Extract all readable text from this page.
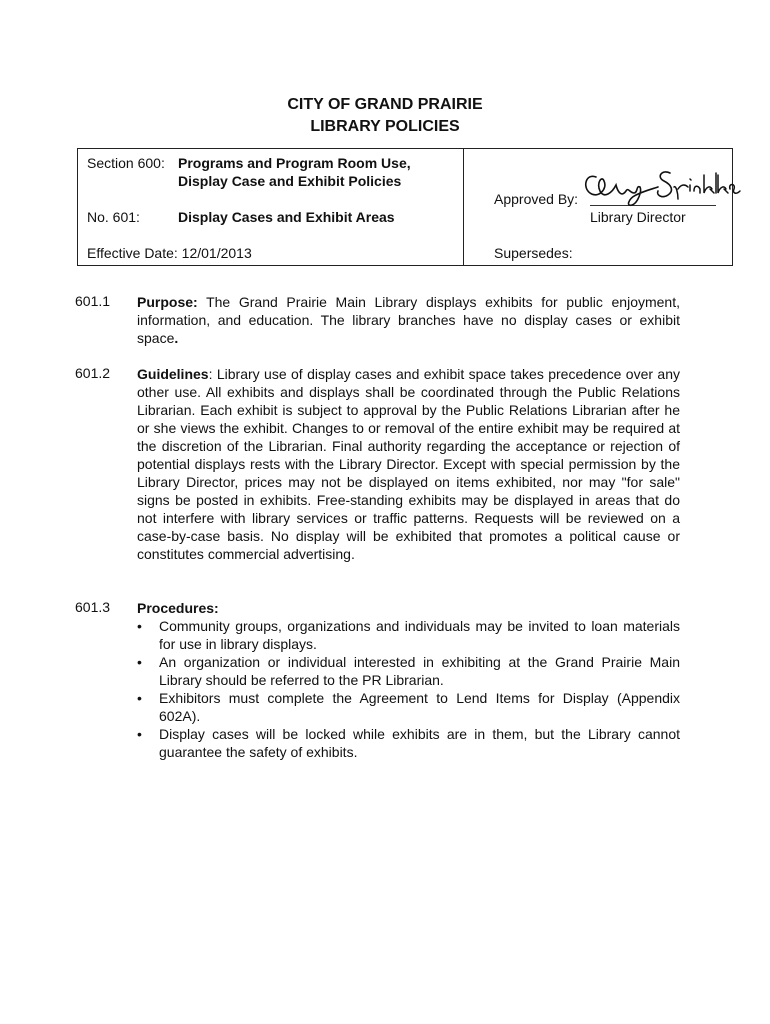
CITY OF GRAND PRAIRIE
LIBRARY POLICIES
Section 600: Programs and Program Room Use,
Display Case and Exhibit Policies
No. 601:	Display Cases and Exhibit Areas
Effective Date: 12/01/2013
Approved By:
Library Director
Supersedes:
601.1 Purpose: The Grand Prairie Main Library displays exhibits for public enjoyment, information, and education. The library branches have no display cases or exhibit space.

601.2 Guidelines: Library use of display cases and exhibit space takes precedence over any other use. All exhibits and displays shall be coordinated through the Public Relations Librarian. Each exhibit is subject to approval by the Public Relations Librarian after he or she views the exhibit. Changes to or removal of the entire exhibit may be required at the discretion of the Librarian. Final authority regarding the acceptance or rejection of potential displays rests with the Library Director. Except with special permission by the Library Director, prices may not be displayed on items exhibited, nor may "for sale" signs be posted in exhibits. Free-standing exhibits may be displayed in areas that do not interfere with library services or traffic patterns. Requests will be reviewed on a case-by-case basis. No display will be exhibited that promotes a political cause or constitutes commercial advertising.

601.3 Procedures:

• Community groups, organizations and individuals may be invited to loan materials for use in library displays.
• An organization or individual interested in exhibiting at the Grand Prairie Main Library should be referred to the PR Librarian.
• Exhibitors must complete the Agreement to Lend Items for Display (Appendix 602A).
• Display cases will be locked while exhibits are in them, but the Library cannot guarantee the safety of exhibits.
